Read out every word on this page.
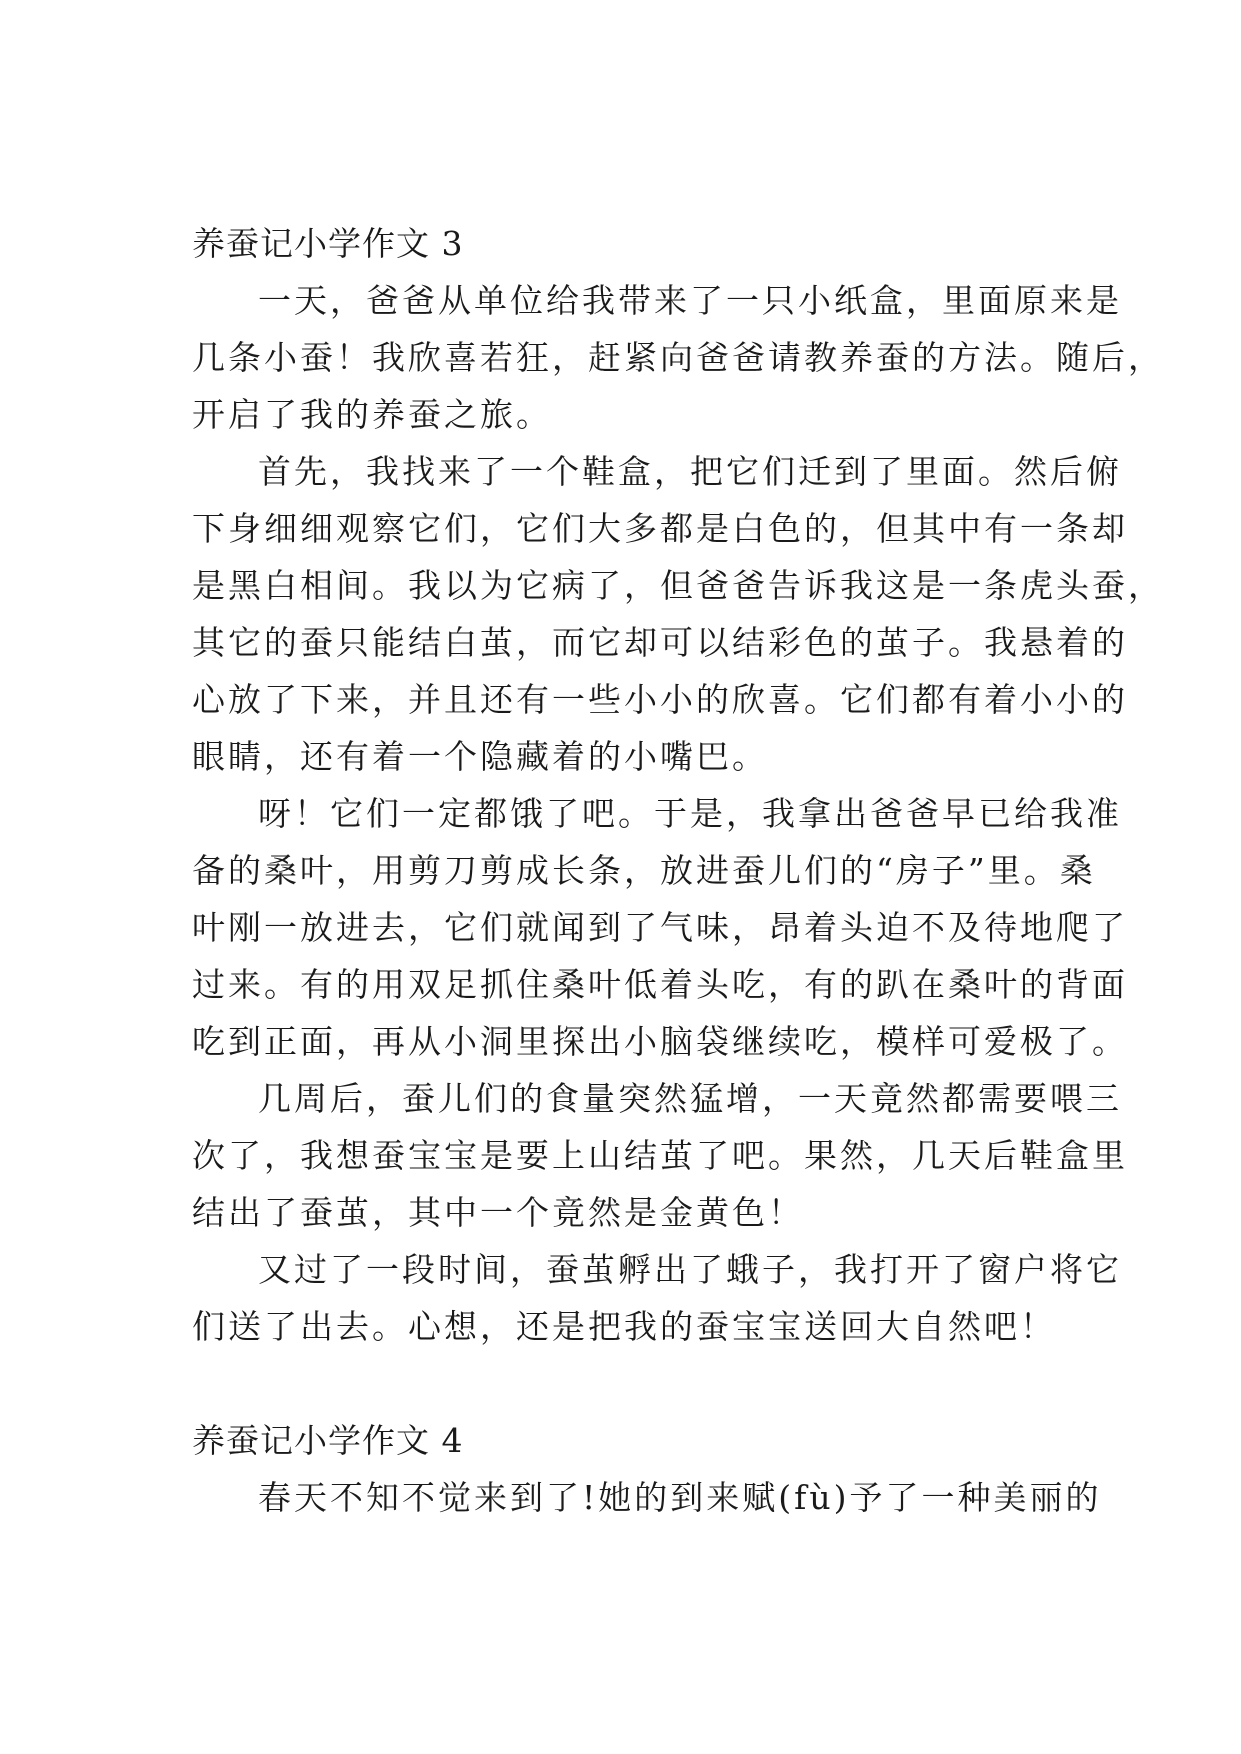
养蚕记小学作文 3

一天，爸爸从单位给我带来了一只小纸盒，里面原来是

几条小蚕！我欣喜若狂，赶紧向爸爸请教养蚕的方法。随后，

开启了我的养蚕之旅。

首先，我找来了一个鞋盒，把它们迁到了里面。然后俯

下身细细观察它们，它们大多都是白色的，但其中有一条却

是黑白相间。我以为它病了，但爸爸告诉我这是一条虎头蚕，

其它的蚕只能结白茧，而它却可以结彩色的茧子。我悬着的

心放了下来，并且还有一些小小的欣喜。它们都有着小小的

眼睛，还有着一个隐藏着的小嘴巴。

呀！它们一定都饿了吧。于是，我拿出爸爸早已给我准

备的桑叶，用剪刀剪成长条，放进蚕儿们的“房子”里。桑

叶刚一放进去，它们就闻到了气味，昂着头迫不及待地爬了

过来。有的用双足抓住桑叶低着头吃，有的趴在桑叶的背面

吃到正面，再从小洞里探出小脑袋继续吃，模样可爱极了。

几周后，蚕儿们的食量突然猛增，一天竟然都需要喂三

次了，我想蚕宝宝是要上山结茧了吧。果然，几天后鞋盒里

结出了蚕茧，其中一个竟然是金黄色！

又过了一段时间，蚕茧孵出了蛾子，我打开了窗户将它

们送了出去。心想，还是把我的蚕宝宝送回大自然吧！

养蚕记小学作文 4

春天不知不觉来到了!她的到来赋(fù)予了一种美丽的
